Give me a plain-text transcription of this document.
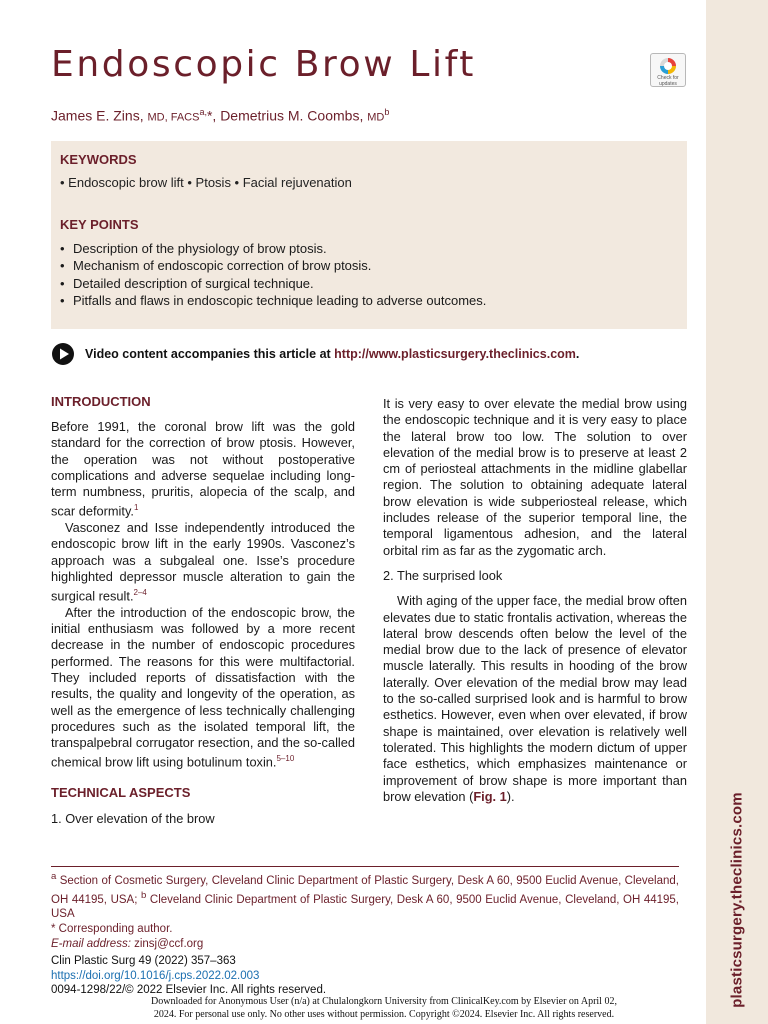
plasticsurgery.theclinics.com
Endoscopic Brow Lift	Check for
updates
James E. Zins, MD, $FACS^{a,}*$, Demetrius M. Coombs, $MD^b$
KEYWORDS
• Endoscopic brow lift • Ptosis • Facial rejuvenation
KEY POINTS
• Description of the physiology of brow ptosis.
• Mechanism of endoscopic correction of brow ptosis.
• Detailed description of surgical technique.
• Pitfalls and flaws in endoscopic technique leading to adverse outcomes.
Video content accompanies this article at
http://www.plasticsurgery.theclinics.com .
INTRODUCTION

Before 1991, the coronal brow lift was the gold standard for the correction of brow ptosis. However, the operation was not without postoperative complications and adverse sequelae including long-term numbness, pruritis, alopecia of the scalp, and scar deformity.$^1$

Vasconez and Isse independently introduced the endoscopic brow lift in the early 1990s. Vasconez’s approach was a subgaleal one. Isse’s procedure highlighted depressor muscle alteration to gain the surgical result.$^{2-4}$

After the introduction of the endoscopic brow, the initial enthusiasm was followed by a more recent decrease in the number of endoscopic procedures performed. The reasons for this were multifactorial. They included reports of dissatisfaction with the results, the quality and longevity of the operation, as well as the emergence of less technically challenging procedures such as the isolated temporal lift, the transpalpebral corrugator resection, and the so-called chemical brow lift using botulinum toxin.$^{5-10}$

TECHNICAL ASPECTS

1. Over elevation of the brow

It is very easy to over elevate the medial brow using the endoscopic technique and it is very easy to place the lateral brow too low. The solution to over elevation of the medial brow is to preserve at least 2 cm of periosteal attachments in the midline glabellar region. The solution to obtaining adequate lateral brow elevation is wide subperiosteal release, which includes release of the superior temporal line, the temporal ligamentous adhesion, and the lateral orbital rim as far as the zygomatic arch.

2. The surprised look

With aging of the upper face, the medial brow often elevates due to static frontalis activation, whereas the lateral brow descends often below the level of the medial brow due to the lack of presence of elevator muscle laterally. This results in hooding of the brow laterally. Over elevation of the medial brow may lead to the so-called surprised look and is harmful to brow esthetics. However, even when over elevated, if brow shape is maintained, over elevation is relatively well tolerated. This highlights the modern dictum of upper face esthetics, which emphasizes maintenance or improvement of brow shape is more important than brow elevation (Fig. 1).

$^a$ Section of Cosmetic Surgery, Cleveland Clinic Department of Plastic Surgery, Desk A 60, 9500 Euclid Avenue, Cleveland, OH 44195, USA; $^b$ Cleveland Clinic Department of Plastic Surgery, Desk A 60, 9500 Euclid Avenue, Cleveland, OH 44195, USA

* Corresponding author.

E-mail address: zinsj@ccf.org

Clin Plastic Surg 49 (2022) 357–363
https://doi.org/10.1016/j.cps.2022.02.003
0094-1298/22/© 2022 Elsevier Inc. All rights reserved.
Downloaded for Anonymous User (n/a) at Chulalongkorn University from ClinicalKey.com by Elsevier on April 02,
2024. For personal use only. No other uses without permission. Copyright ©2024. Elsevier Inc. All rights reserved.
